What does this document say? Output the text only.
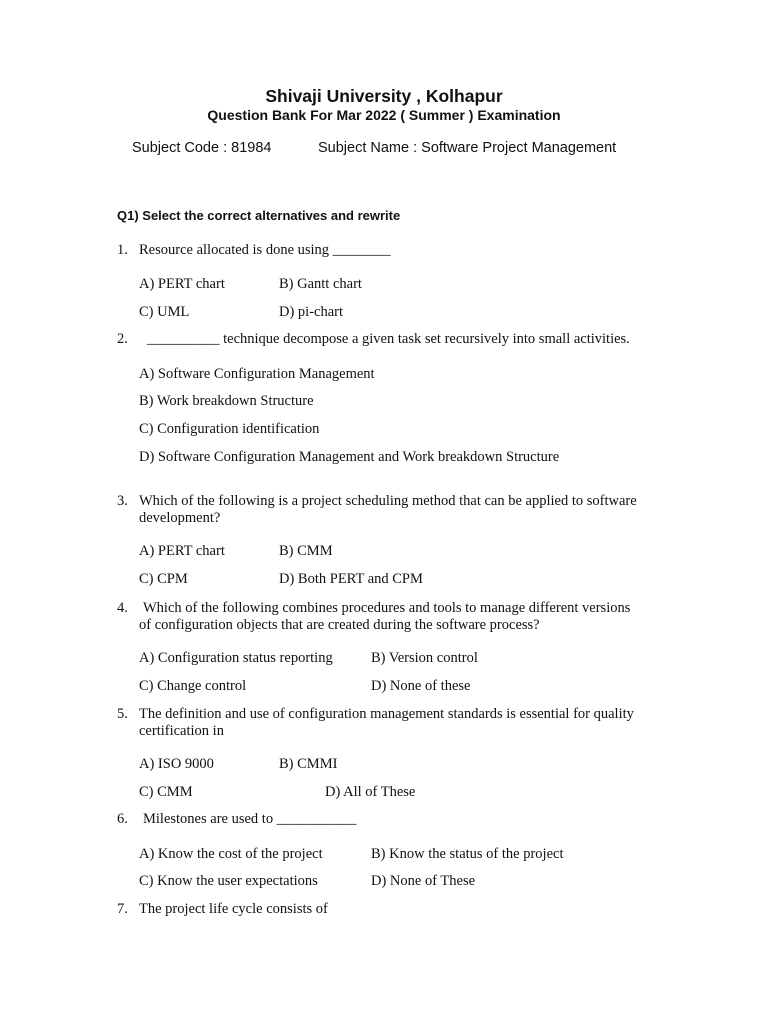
Shivaji University , Kolhapur
Question Bank For Mar 2022 ( Summer ) Examination
Subject Code : 81984	Subject Name : Software Project Management
Q1) Select the correct alternatives and rewrite
1. Resource allocated is done using ________
A) PERT chart	B) Gantt chart
C) UML	D) pi-chart
2.	__________ technique decompose a given task set recursively into small activities.
A) Software Configuration Management
B) Work breakdown Structure
C) Configuration identification
D) Software Configuration Management and Work breakdown Structure
3. Which of the following is a project scheduling method that can be applied to software
development?
A) PERT chart	B) CMM
C) CPM	D) Both PERT and CPM
4.	Which of the following combines procedures and tools to manage different versions
of configuration objects that are created during the software process?
A) Configuration status reporting	B) Version control
C) Change control	D) None of these
5. The definition and use of configuration management standards is essential for quality
certification in
A) ISO 9000	B) CMMI
C) CMM	D) All of These
6.	Milestones are used to ___________
A) Know the cost of the project	B) Know the status of the project
C) Know the user expectations	D) None of These
7. The project life cycle consists of
